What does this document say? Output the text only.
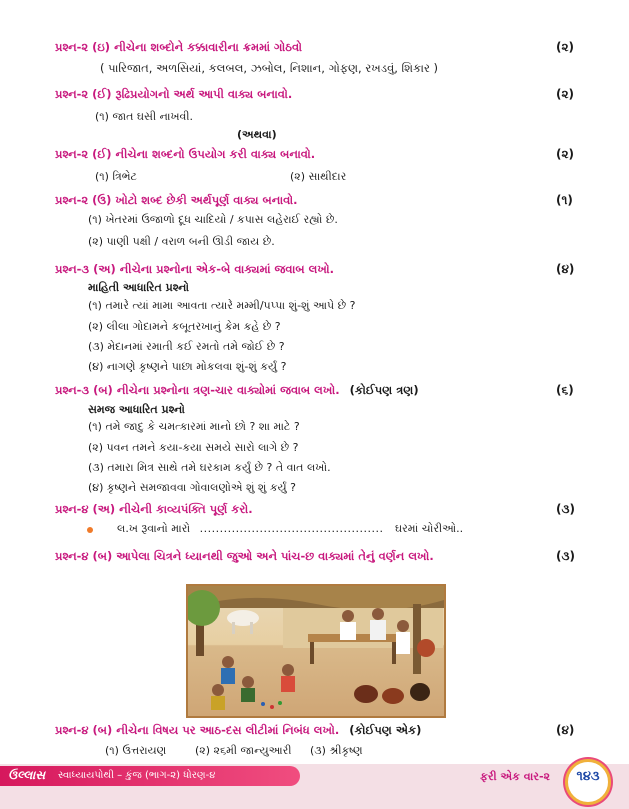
પ્રશ્ન-૨ (ઇ) નીચેના શબ્દોને કક્કાવારીના ક્રમમાં ગોઠવો	(૨)
( પારિજાત, અળસિયાં, કલબલ, ઝબોલ, નિશાન, ગોફણ, રખડવું, શિકાર )
પ્રશ્ન-૨ (ઈ) રૂઢિપ્રયોગનો અર્થ આપી વાક્ય બનાવો.	(૨)
(૧) જાત ઘસી નાખવી.
(અથવા)
પ્રશ્ન-૨ (ઈ) નીચેના શબ્દનો ઉપયોગ કરી વાક્ય બનાવો.	(૨)
(૧) ત્રિભેટ	(૨) સાથીદાર
પ્રશ્ન-૨ (ઉ) ખોટો શબ્દ છેકી અર્થપૂર્ણ વાક્ય બનાવો.	(૧)
(૧) ખેતરમાં ઉજાળો દૂધ ચાદિયો / કપાસ લહેરાઈ રહ્યો છે.
(૨) પાણી પક્ષી / વરાળ બની ઊડી જાય છે.
પ્રશ્ન-૩ (અ) નીચેના પ્રશ્નોના એક-બે વાક્યમાં જવાબ લખો.	(૪)
માહિતી આધારિત પ્રશ્નો
(૧) તમારે ત્યાં મામા આવતા ત્યારે મમ્મી/પપ્પા શું-શું આપે છે ?
(૨) લીલા ગોદામને કબૂતરખાનું કેમ કહે છે ?
(૩) મેદાનમાં રમાતી કઈ રમતો તમે જોઈ છે ?
(૪) નાગણે કૃષ્ણને પાછા મોકલવા શું-શું કર્યું ?
પ્રશ્ન-૩ (બ) નીચેના પ્રશ્નોના ત્રણ-ચાર વાક્યોમાં જવાબ લખો. (કોઈપણ ત્રણ)	(૬)
સમજ આધારિત પ્રશ્નો
(૧) તમે જાદુ કે ચમત્કારમાં માનો છો ? શા માટે ?
(૨) પવન તમને કયા-કયા સમયે સારો લાગે છે ?
(૩) તમારા મિત્ર સાથે તમે ઘરકામ કર્યું છે ? તે વાત લખો.
(૪) કૃષ્ણને સમજાવવા ગોવાલણોએ શું શું કર્યું ?
પ્રશ્ન-૪ (અ) નીચેની કાવ્યપંક્તિ પૂર્ણ કરો.	(૩)
લ.ખ રૂવાનો મારો .............................................. ઘરમાં ચોરીઓ..
પ્રશ્ન-૪ (બ) આપેલા ચિત્રને ધ્યાનથી જુઓ અને પાંચ-છ વાક્યમાં તેનું વર્ણન લખો.	(૩)
પ્રશ્ન-૪ (બ) નીચેના વિષય પર આઠ-દસ લીટીમાં નિબંધ લખો. (કોઈપણ એક)	(૪)
(૧) ઉત્તરાયણ	(૨) ૨૬મી જાન્યુઆરી (૩) શ્રીકૃષ્ણ
ઉલ્લાસ સ્વાધ્યાયપોથી – કુંજ (ભાગ-૨) ધોરણ-૪	ફરી એક વાર-૨	૧૪૩
